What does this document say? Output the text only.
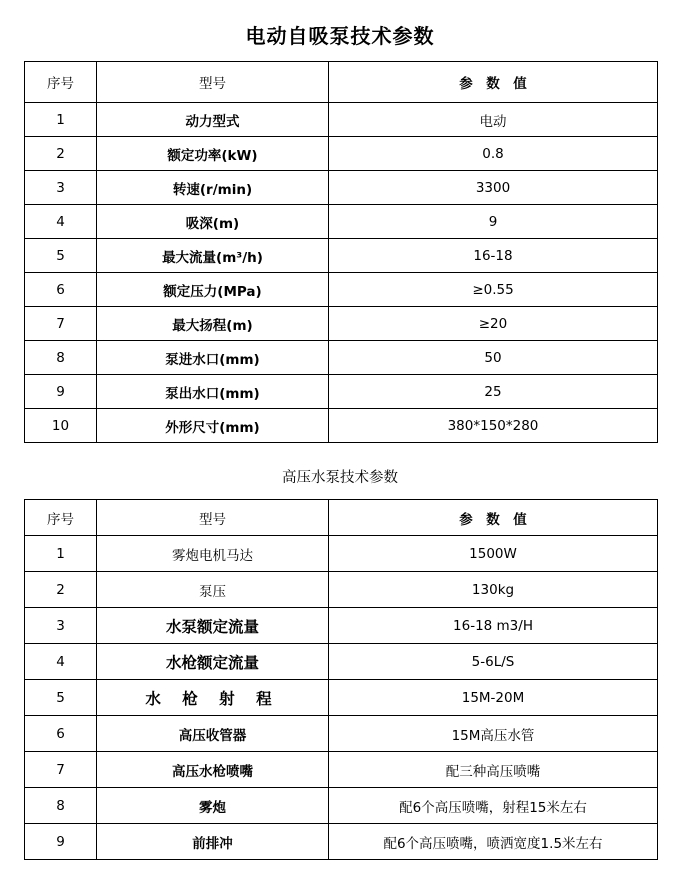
电动自吸泵技术参数
序号	型号	参　数　值
1	动力型式	电动
2	额定功率(kW)	0.8
3	转速(r/min)	3300
4	吸深(m)	9
5	最大流量(m³/h)	16-18
6	额定压力(MPa)	≥0.55
7	最大扬程(m)	≥20
8	泵进水口(mm)	50
9	泵出水口(mm)	25
10	外形尺寸(mm)	380*150*280
高压水泵技术参数
序号	型号	参　数　值
1	雾炮电机马达	1500W
2	泵压	130kg
3	水泵额定流量	16-18 m3/H
4	水枪额定流量	5-6L/S
5	水 枪 射 程	15M-20M
6	高压收管器	15M高压水管
7	高压水枪喷嘴	配三种高压喷嘴
8	雾炮	配6个高压喷嘴，射程15米左右
9	前排冲	配6个高压喷嘴，喷洒宽度1.5米左右
